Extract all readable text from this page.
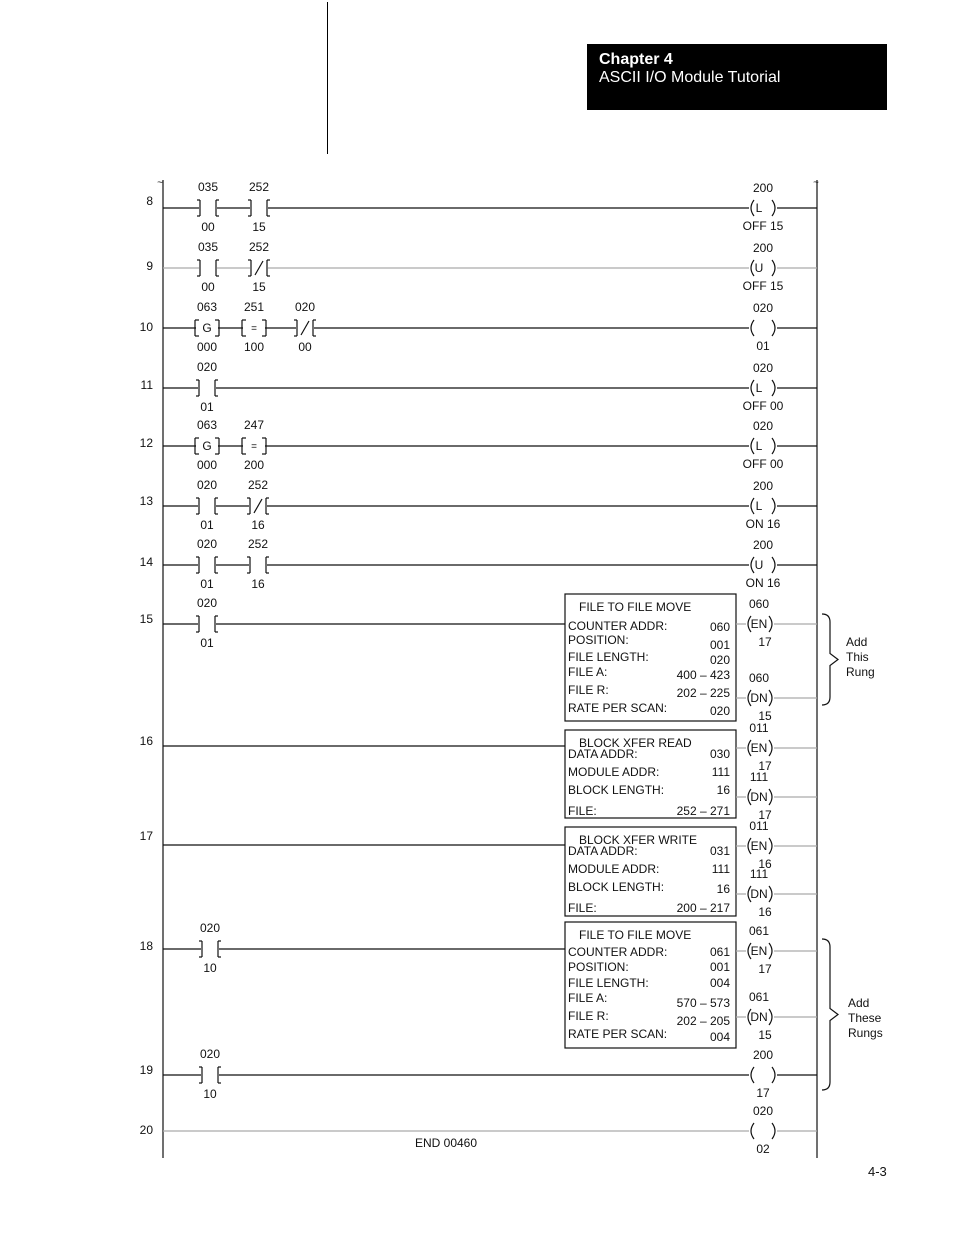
Chapter 4
ASCII I/O Module Tutorial
4-3
~	~
8
035
00
252
15
L
200
OFF 15
9
035
00
252
15
U
200
OFF 15
10	G
063
000
=
251
100
020
00
020
01
11
020
01
L
020
OFF 00
12	G
063
000
=
247
200
L
020
OFF 00
13
020
01
252
16
L
200
ON 16
14
020
01
252
16
U
200
ON 16
15
020
01
16
17
18
020
10
19
020
10
200
17
20
END 00460
020
02
FILE TO FILE MOVE
COUNTER ADDR:	060
POSITION:	001
FILE LENGTH:	020
FILE A:	400 – 423
FILE R:	202 – 225
RATE PER SCAN:	020
EN
060
17
DN
060
15
BLOCK XFER READ
DATA ADDR:	030
MODULE ADDR:	111
BLOCK LENGTH:	16
FILE:	252 – 271
EN
011
17
DN
111
17
BLOCK XFER WRITE
DATA ADDR:	031
MODULE ADDR:	111
BLOCK LENGTH:	16
FILE:	200 – 217
EN
011
16
DN
111
16
FILE TO FILE MOVE
COUNTER ADDR:	061
POSITION:	001
FILE LENGTH:	004
FILE A:	570 – 573
FILE R:	202 – 205
RATE PER SCAN:	004
EN
061
17
DN
061
15
Add
This
Rung
Add
These
Rungs
